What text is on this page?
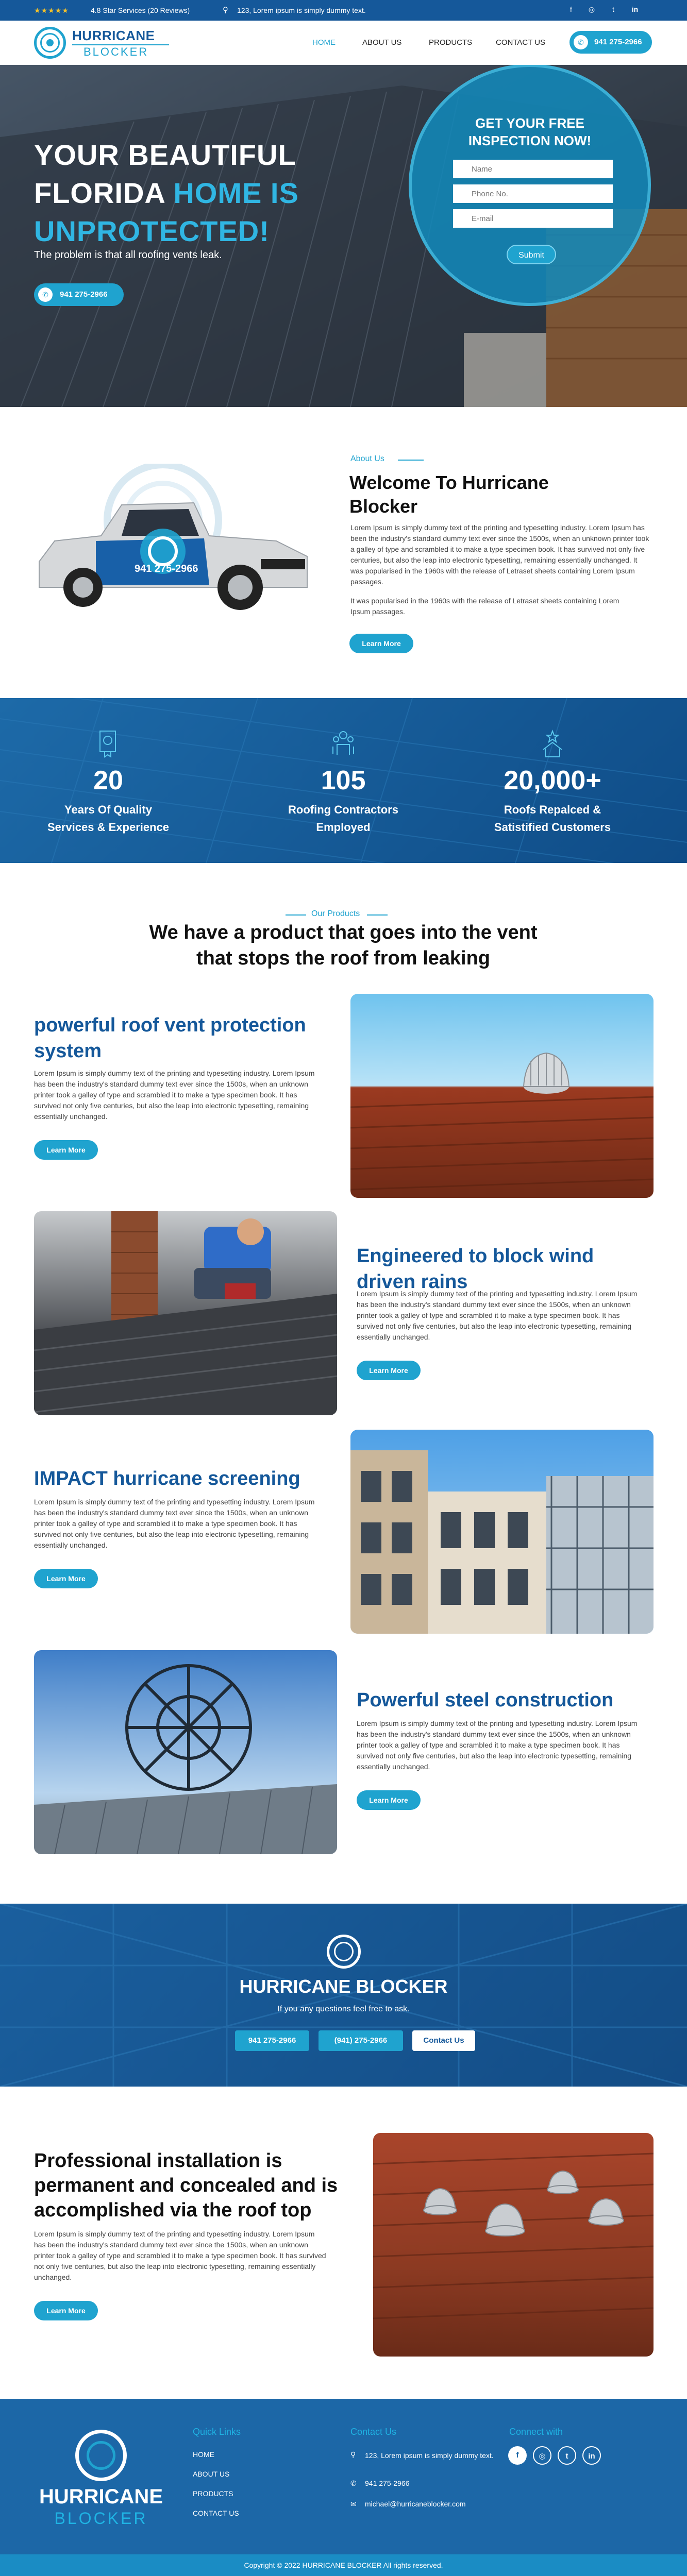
★★★★★	4.8 Star Services (20 Reviews)	⚲ 123, Lorem ipsum is simply dummy text.	f	◎	t	in
HURRICANE
BLOCKER
HOME	ABOUT US	PRODUCTS	CONTACT US	✆	941 275-2966
YOUR BEAUTIFUL
FLORIDA HOME IS
UNPROTECTED!
The problem is that all roofing vents leak.
✆	941 275-2966
GET YOUR FREE
INSPECTION NOW!
Name
Phone No.
E-mail
Submit
941 275-2966
About Us
Welcome To Hurricane Blocker
Lorem Ipsum is simply dummy text of the printing and typesetting industry. Lorem Ipsum has been the industry's standard dummy text ever since the 1500s, when an unknown printer took a galley of type and scrambled it to make a type specimen book. It has survived not only five centuries, but also the leap into electronic typesetting, remaining essentially unchanged. It was popularised in the 1960s with the release of Letraset sheets containing Lorem Ipsum passages.
It was popularised in the 1960s with the release of Letraset sheets containing Lorem Ipsum passages.
Learn More
20
Years Of Quality
Services & Experience
105
Roofing Contractors
Employed
20,000+
Roofs Repalced &
Satistified Customers
Our Products
We have a product that goes into the vent that stops the roof from leaking
powerful roof vent protection system
Lorem Ipsum is simply dummy text of the printing and typesetting industry. Lorem Ipsum has been the industry's standard dummy text ever since the 1500s, when an unknown printer took a galley of type and scrambled it to make a type specimen book. It has survived not only five centuries, but also the leap into electronic typesetting, remaining essentially unchanged.
Learn More
Engineered to block wind driven rains
Lorem Ipsum is simply dummy text of the printing and typesetting industry. Lorem Ipsum has been the industry's standard dummy text ever since the 1500s, when an unknown printer took a galley of type and scrambled it to make a type specimen book. It has survived not only five centuries, but also the leap into electronic typesetting, remaining essentially unchanged.
Learn More
IMPACT hurricane screening
Lorem Ipsum is simply dummy text of the printing and typesetting industry. Lorem Ipsum has been the industry's standard dummy text ever since the 1500s, when an unknown printer took a galley of type and scrambled it to make a type specimen book. It has survived not only five centuries, but also the leap into electronic typesetting, remaining essentially unchanged.
Learn More
Powerful steel construction
Lorem Ipsum is simply dummy text of the printing and typesetting industry. Lorem Ipsum has been the industry's standard dummy text ever since the 1500s, when an unknown printer took a galley of type and scrambled it to make a type specimen book. It has survived not only five centuries, but also the leap into electronic typesetting, remaining essentially unchanged.
Learn More
HURRICANE BLOCKER
If you any questions feel free to ask.
941 275-2966	(941) 275-2966	Contact Us
Professional installation is permanent and concealed and is accomplished via the roof top
Lorem Ipsum is simply dummy text of the printing and typesetting industry. Lorem Ipsum has been the industry's standard dummy text ever since the 1500s, when an unknown printer took a galley of type and scrambled it to make a type specimen book. It has survived not only five centuries, but also the leap into electronic typesetting, remaining essentially unchanged.
Learn More
HURRICANE
BLOCKER
Quick Links
HOME
ABOUT US
PRODUCTS
CONTACT US
Contact Us
⚲ 123, Lorem ipsum is simply dummy text.
✆ 941 275-2966
✉ michael@hurricaneblocker.com
Connect with
f	◎	t	in
Copyright © 2022 HURRICANE BLOCKER All rights reserved.
